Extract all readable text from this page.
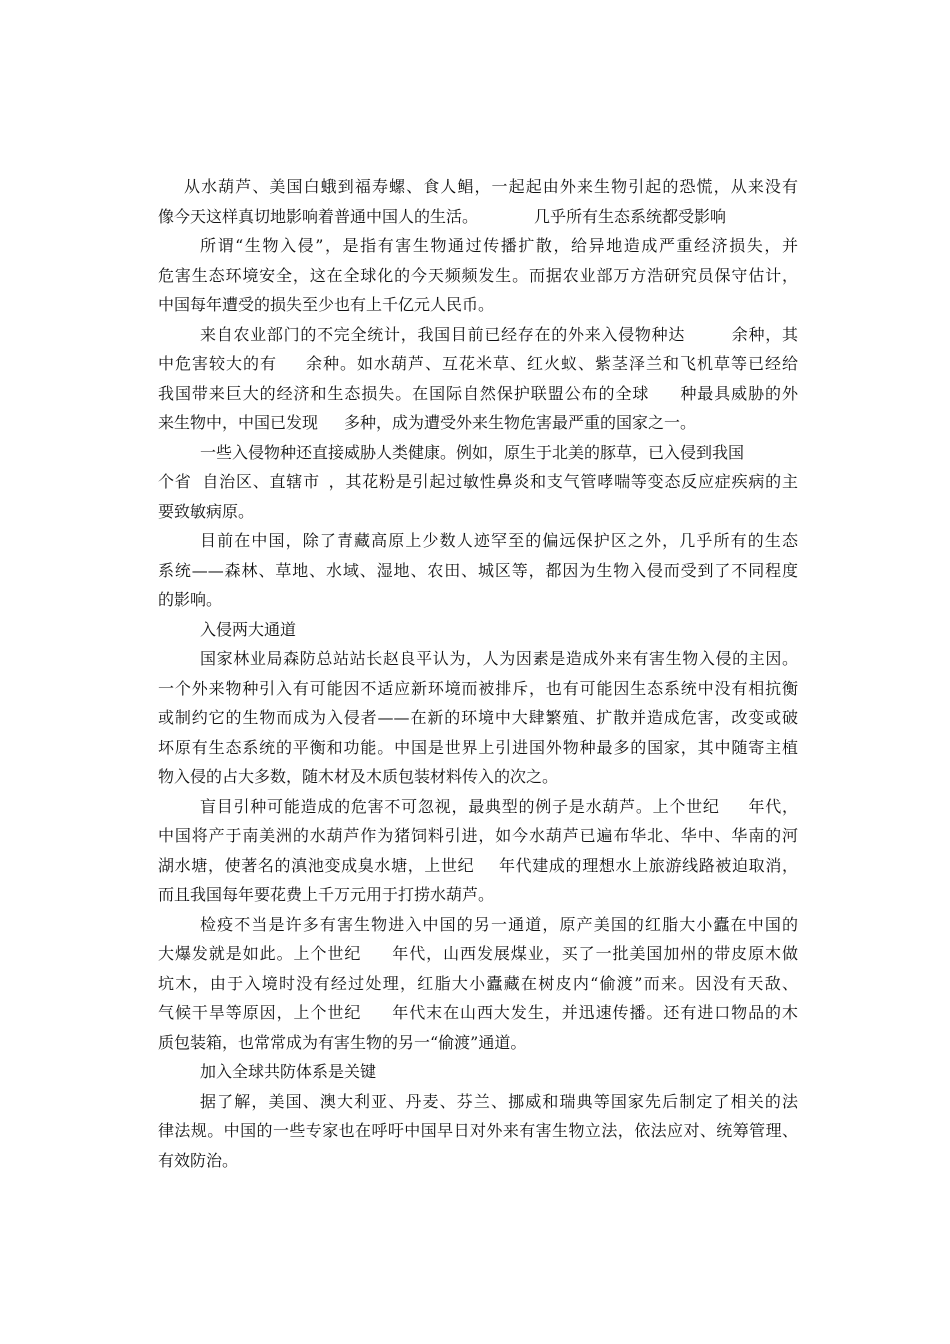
从水葫芦、美国白蛾到福寿螺、食人鲳，一起起由外来生物引起的恐慌，从来没有
像今天这样真切地影响着普通中国人的生活。	几乎所有生态系统都受影响
所谓“生物入侵”，是指有害生物通过传播扩散，给异地造成严重经济损失，并
危害生态环境安全，这在全球化的今天频频发生。而据农业部万方浩研究员保守估计，
中国每年遭受的损失至少也有上千亿元人民币。
来自农业部门的不完全统计，我国目前已经存在的外来入侵物种达	余种，其
中危害较大的有 余种。如水葫芦、互花米草、红火蚁、紫茎泽兰和飞机草等已经给
我国带来巨大的经济和生态损失。在国际自然保护联盟公布的全球 种最具威胁的外
来生物中，中国已发现 多种，成为遭受外来生物危害最严重的国家之一。
一些入侵物种还直接威胁人类健康。例如，原生于北美的豚草，已入侵到我国
个省 自治区、直辖市 ，其花粉是引起过敏性鼻炎和支气管哮喘等变态反应症疾病的主
要致敏病原。
目前在中国，除了青藏高原上少数人迹罕至的偏远保护区之外，几乎所有的生态
系统——森林、草地、水域、湿地、农田、城区等，都因为生物入侵而受到了不同程度
的影响。
入侵两大通道
国家林业局森防总站站长赵良平认为，人为因素是造成外来有害生物入侵的主因。
一个外来物种引入有可能因不适应新环境而被排斥，也有可能因生态系统中没有相抗衡
或制约它的生物而成为入侵者——在新的环境中大肆繁殖、扩散并造成危害，改变或破
坏原有生态系统的平衡和功能。中国是世界上引进国外物种最多的国家，其中随寄主植
物入侵的占大多数，随木材及木质包装材料传入的次之。
盲目引种可能造成的危害不可忽视，最典型的例子是水葫芦。上个世纪 年代，
中国将产于南美洲的水葫芦作为猪饲料引进，如今水葫芦已遍布华北、华中、华南的河
湖水塘，使著名的滇池变成臭水塘，上世纪 年代建成的理想水上旅游线路被迫取消，
而且我国每年要花费上千万元用于打捞水葫芦。
检疫不当是许多有害生物进入中国的另一通道，原产美国的红脂大小蠹在中国的
大爆发就是如此。上个世纪 年代，山西发展煤业，买了一批美国加州的带皮原木做
坑木，由于入境时没有经过处理，红脂大小蠹藏在树皮内“偷渡”而来。因没有天敌、
气候干旱等原因，上个世纪 年代末在山西大发生，并迅速传播。还有进口物品的木
质包装箱，也常常成为有害生物的另一“偷渡”通道。
加入全球共防体系是关键
据了解，美国、澳大利亚、丹麦、芬兰、挪威和瑞典等国家先后制定了相关的法
律法规。中国的一些专家也在呼吁中国早日对外来有害生物立法，依法应对、统筹管理、
有效防治。
